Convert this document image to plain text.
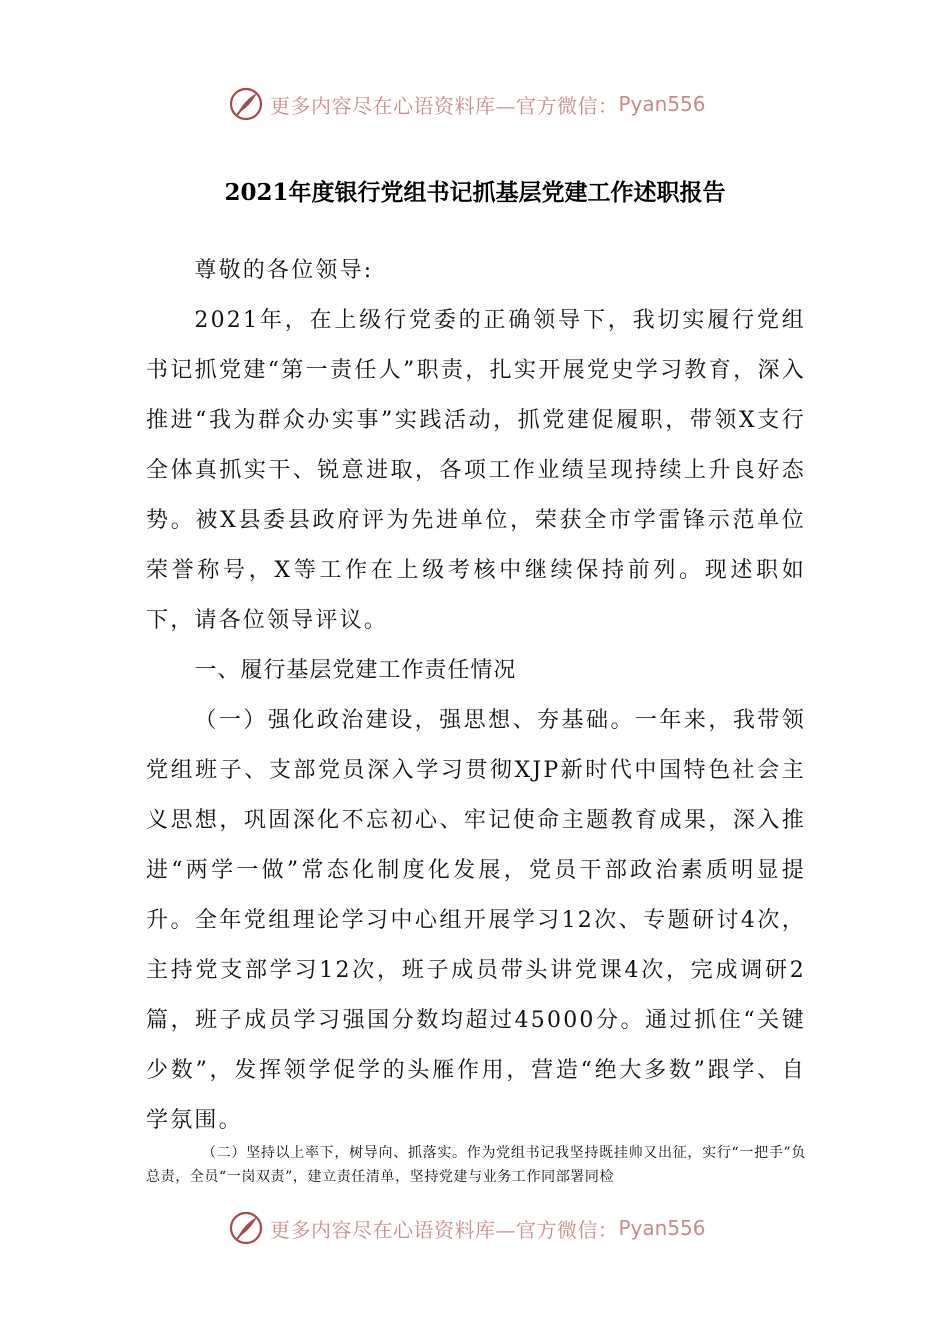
更多内容尽在心语资料库—官方微信： Pyan556
2021年度银行党组书记抓基层党建工作述职报告

尊敬的各位领导:

2021年，在上级行党委的正确领导下，我切实履行党组书记抓党建“第一责任人”职责，扎实开展党史学习教育，深入推进“我为群众办实事”实践活动，抓党建促履职，带领X支行全体真抓实干、锐意进取，各项工作业绩呈现持续上升良好态势。被X县委县政府评为先进单位，荣获全市学雷锋示范单位荣誉称号，X等工作在上级考核中继续保持前列。现述职如下，请各位领导评议。

一、履行基层党建工作责任情况

（一）强化政治建设，强思想、夯基础。一年来，我带领党组班子、支部党员深入学习贯彻XJP新时代中国特色社会主义思想，巩固深化不忘初心、牢记使命主题教育成果，深入推进“两学一做”常态化制度化发展，党员干部政治素质明显提升。全年党组理论学习中心组开展学习12次、专题研讨4次，主持党支部学习12次，班子成员带头讲党课4次，完成调研2篇，班子成员学习强国分数均超过45000分。通过抓住“关键少数”，发挥领学促学的头雁作用，营造“绝大多数”跟学、自学氛围。

（二）坚持以上率下，树导向、抓落实。作为党组书记我坚持既挂帅又出征，实行“一把手”负总责，全员“一岗双责”，建立责任清单，坚持党建与业务工作同部署同检

更多内容尽在心语资料库—官方微信： Pyan556
